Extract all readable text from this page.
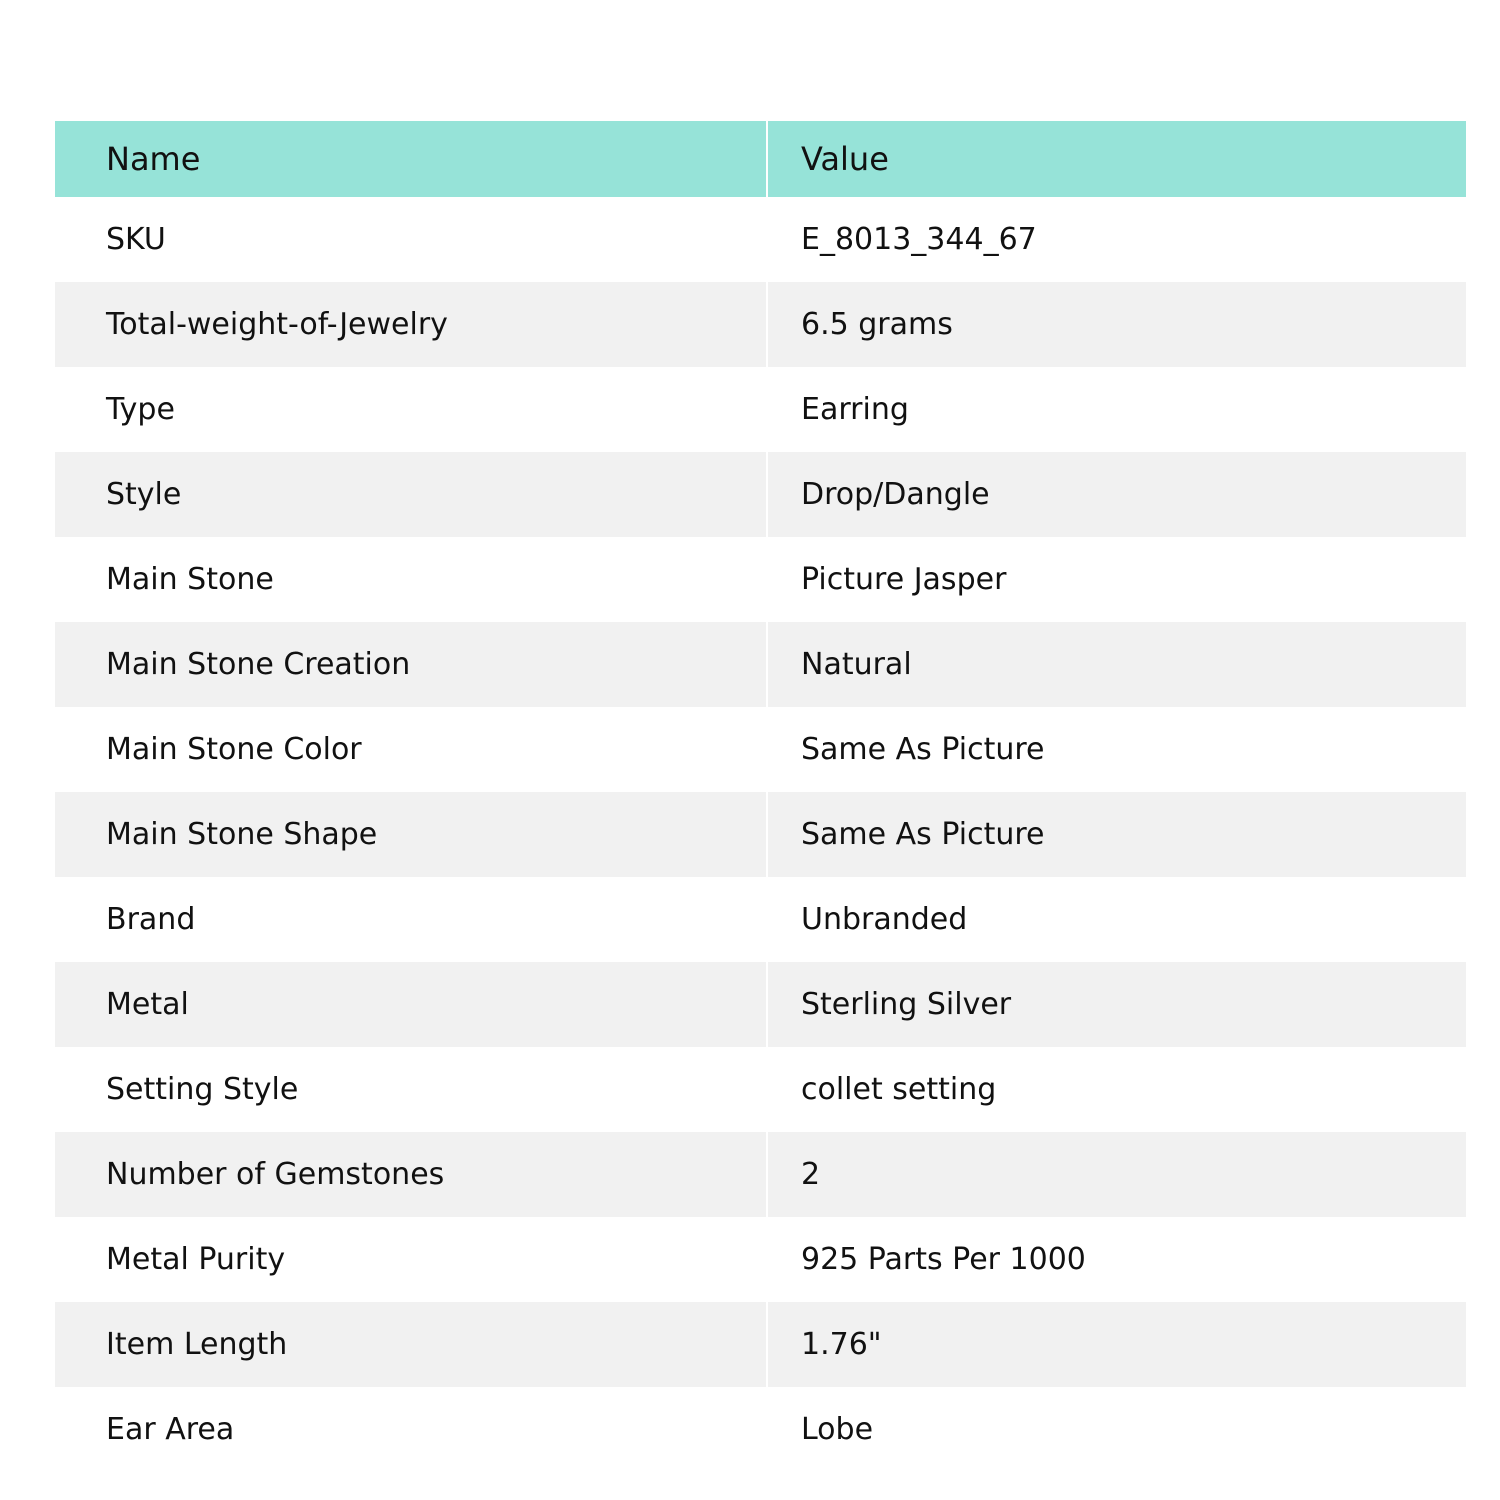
Name	Value
SKU	E_8013_344_67
Total-weight-of-Jewelry	6.5 grams
Type	Earring
Style	Drop/Dangle
Main Stone	Picture Jasper
Main Stone Creation	Natural
Main Stone Color	Same As Picture
Main Stone Shape	Same As Picture
Brand	Unbranded
Metal	Sterling Silver
Setting Style	collet setting
Number of Gemstones	2
Metal Purity	925 Parts Per 1000
Item Length	1.76"
Ear Area	Lobe
